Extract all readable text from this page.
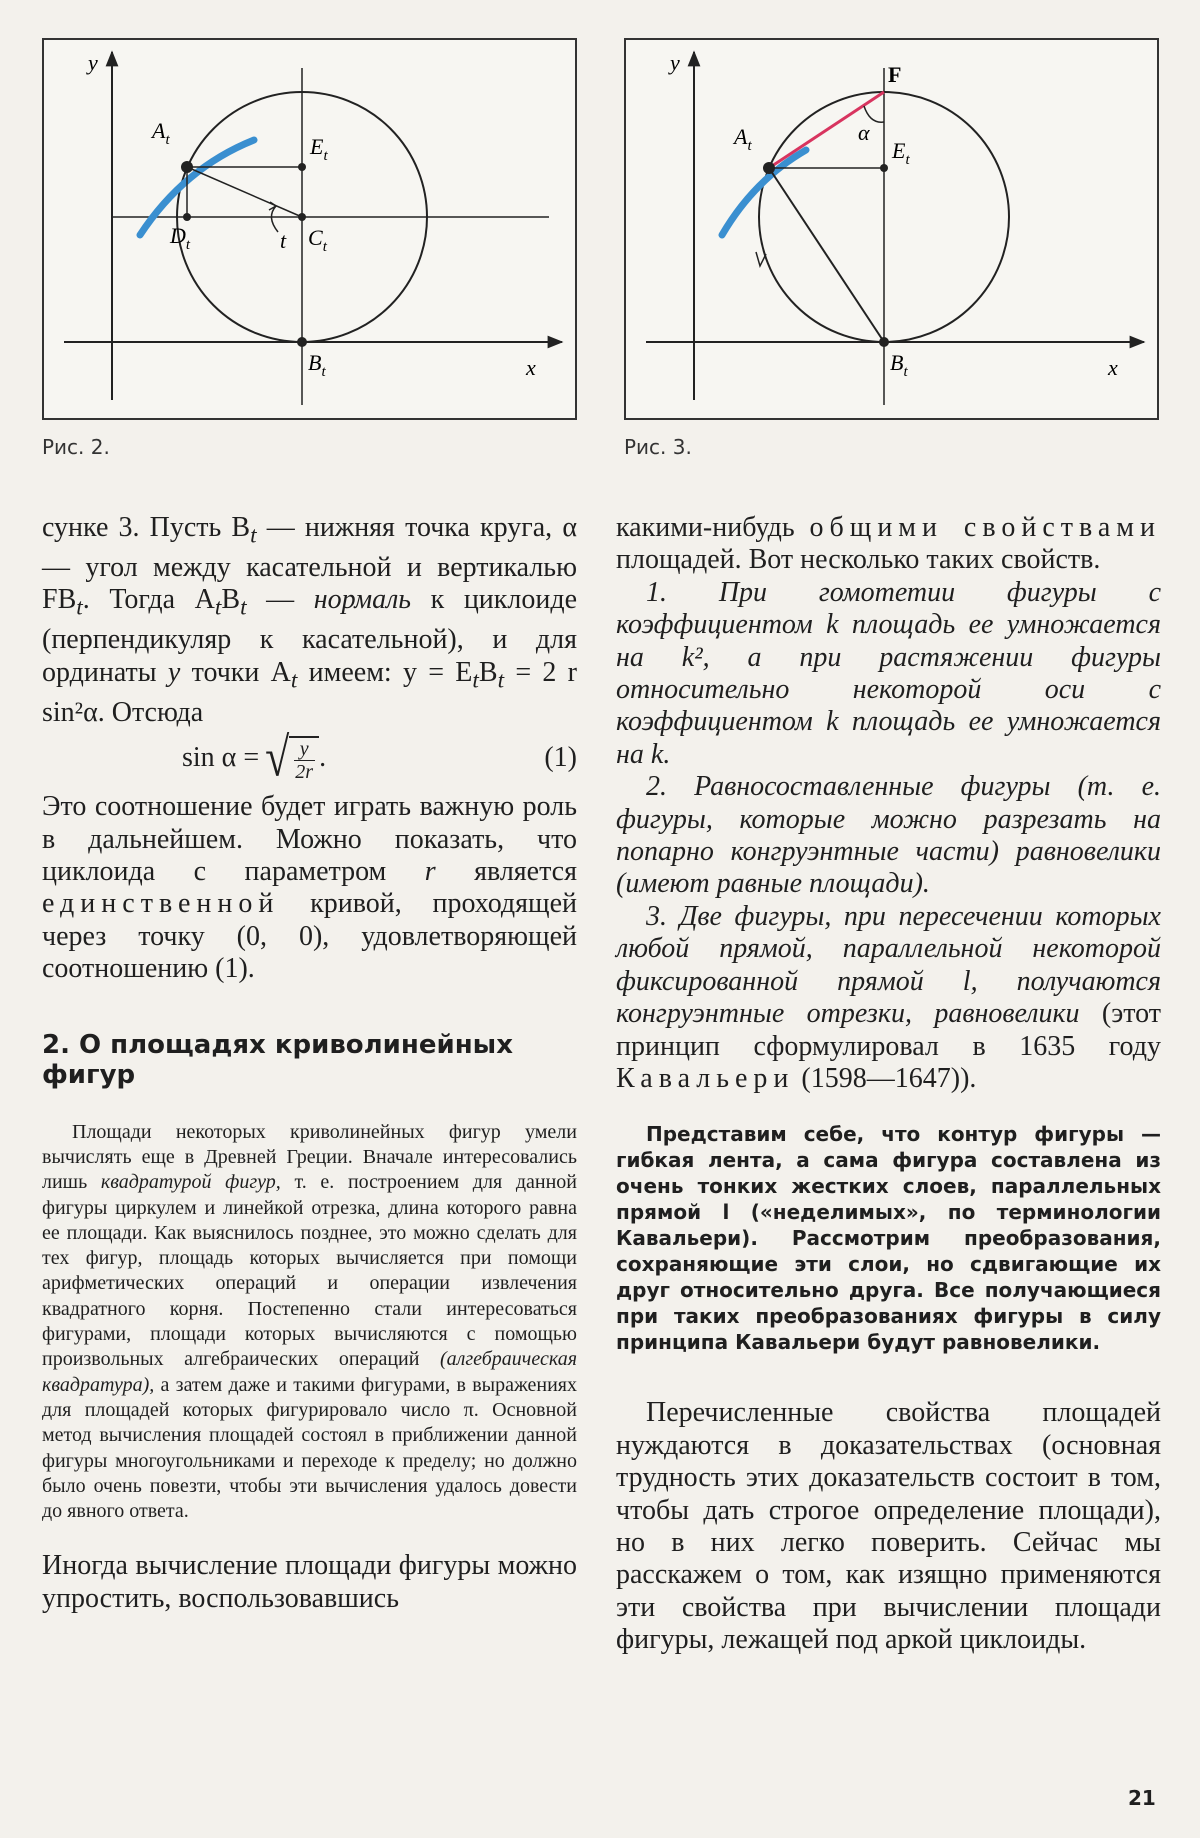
y
x
$A_t$	$E_t$
$D_t$	$C_t$
$B_t$
t
Рис. 2.
y
x
F
$A_t$	$E_t$
$B_t$
α
Рис. 3.

сунке 3. Пусть $B_t$ — нижняя точка круга, α — угол между касательной и вертикалью $FB_t$. Тогда $A_tB_t$ — нормаль к циклоиде (перпендикуляр к касательной), и для ординаты y точки $A_t$ имеем: $y = E_tB_t = 2$ r sin²α. Отсюда

sin α = √ $\frac{y}{2r}$ .	(1)

Это соотношение будет играть важную роль в дальнейшем. Можно показать, что циклоида с параметром r является единственной кривой, проходящей через точку (0, 0), удовлетворяющей соотношению (1).

2. О площадях криволинейных фигур

Площади некоторых криволинейных фигур умели вычислять еще в Древней Греции. Вначале интересовались лишь квадратурой фигур, т. е. построением для данной фигуры циркулем и линейкой отрезка, длина которого равна ее площади. Как выяснилось позднее, это можно сделать для тех фигур, площадь которых вычисляется при помощи арифметических операций и операции извлечения квадратного корня. Постепенно стали интересоваться фигурами, площади которых вычисляются с помощью произвольных алгебраических операций (алгебраическая квадратура), а затем даже и такими фигурами, в выражениях для площадей которых фигурировало число π. Основной метод вычисления площадей состоял в приближении данной фигуры многоугольниками и переходе к пределу; но должно было очень повезти, чтобы эти вычисления удалось довести до явного ответа.

Иногда вычисление площади фигуры можно упростить, воспользовавшись

какими-нибудь общими свойствами площадей. Вот несколько таких свойств.

1. При гомотетии фигуры с коэффициентом k площадь ее умножается на k², а при растяжении фигуры относительно некоторой оси с коэффициентом k площадь ее умножается на k.

2. Равносоставленные фигуры (т. е. фигуры, которые можно разрезать на попарно конгруэнтные части) равновелики (имеют равные площади).

3. Две фигуры, при пересечении которых любой прямой, параллельной некоторой фиксированной прямой l, получаются конгруэнтные отрезки, равновелики (этот принцип сформулировал в 1635 году Кавальери (1598—1647)).

Представим себе, что контур фигуры — гибкая лента, а сама фигура составлена из очень тонких жестких слоев, параллельных прямой l («неделимых», по терминологии Кавальери). Рассмотрим преобразования, сохраняющие эти слои, но сдвигающие их друг относительно друга. Все получающиеся при таких преобразованиях фигуры в силу принципа Кавальери будут равновелики.

Перечисленные свойства площадей нуждаются в доказательствах (основная трудность этих доказательств состоит в том, чтобы дать строгое определение площади), но в них легко поверить. Сейчас мы расскажем о том, как изящно применяются эти свойства при вычислении площади фигуры, лежащей под аркой циклоиды.

21
